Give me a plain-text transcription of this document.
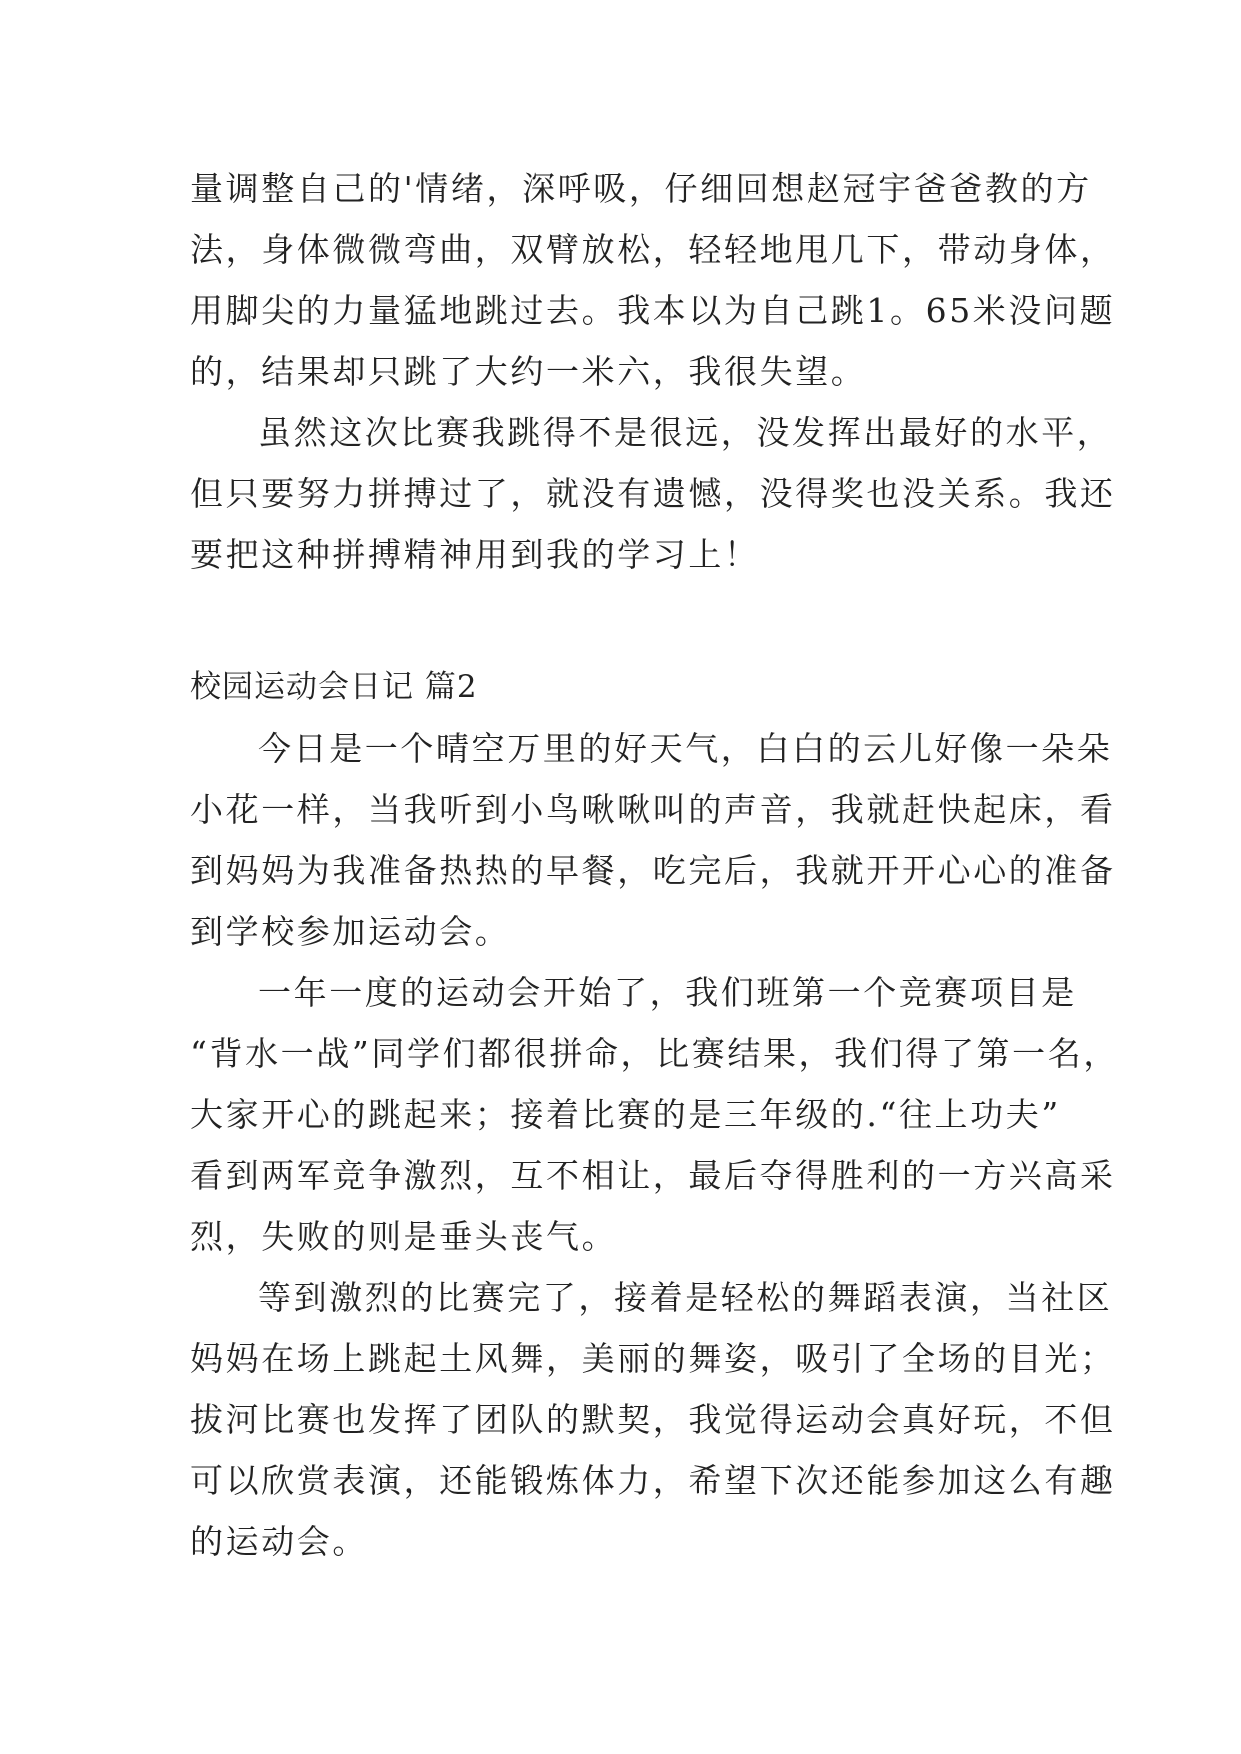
量调整自己的'情绪，深呼吸，仔细回想赵冠宇爸爸教的方
法，身体微微弯曲，双臂放松，轻轻地甩几下，带动身体，
用脚尖的力量猛地跳过去。我本以为自己跳1。65米没问题
的，结果却只跳了大约一米六，我很失望。
虽然这次比赛我跳得不是很远，没发挥出最好的水平，
但只要努力拼搏过了，就没有遗憾，没得奖也没关系。我还
要把这种拼搏精神用到我的学习上！
校园运动会日记 篇2
今日是一个晴空万里的好天气，白白的云儿好像一朵朵
小花一样，当我听到小鸟啾啾叫的声音，我就赶快起床，看
到妈妈为我准备热热的早餐，吃完后，我就开开心心的准备
到学校参加运动会。
一年一度的运动会开始了，我们班第一个竞赛项目是
“背水一战”同学们都很拼命，比赛结果，我们得了第一名，
大家开心的跳起来；接着比赛的是三年级的.“往上功夫”
看到两军竞争激烈，互不相让，最后夺得胜利的一方兴高采
烈，失败的则是垂头丧气。
等到激烈的比赛完了，接着是轻松的舞蹈表演，当社区
妈妈在场上跳起土风舞，美丽的舞姿，吸引了全场的目光；
拔河比赛也发挥了团队的默契，我觉得运动会真好玩，不但
可以欣赏表演，还能锻炼体力，希望下次还能参加这么有趣
的运动会。
